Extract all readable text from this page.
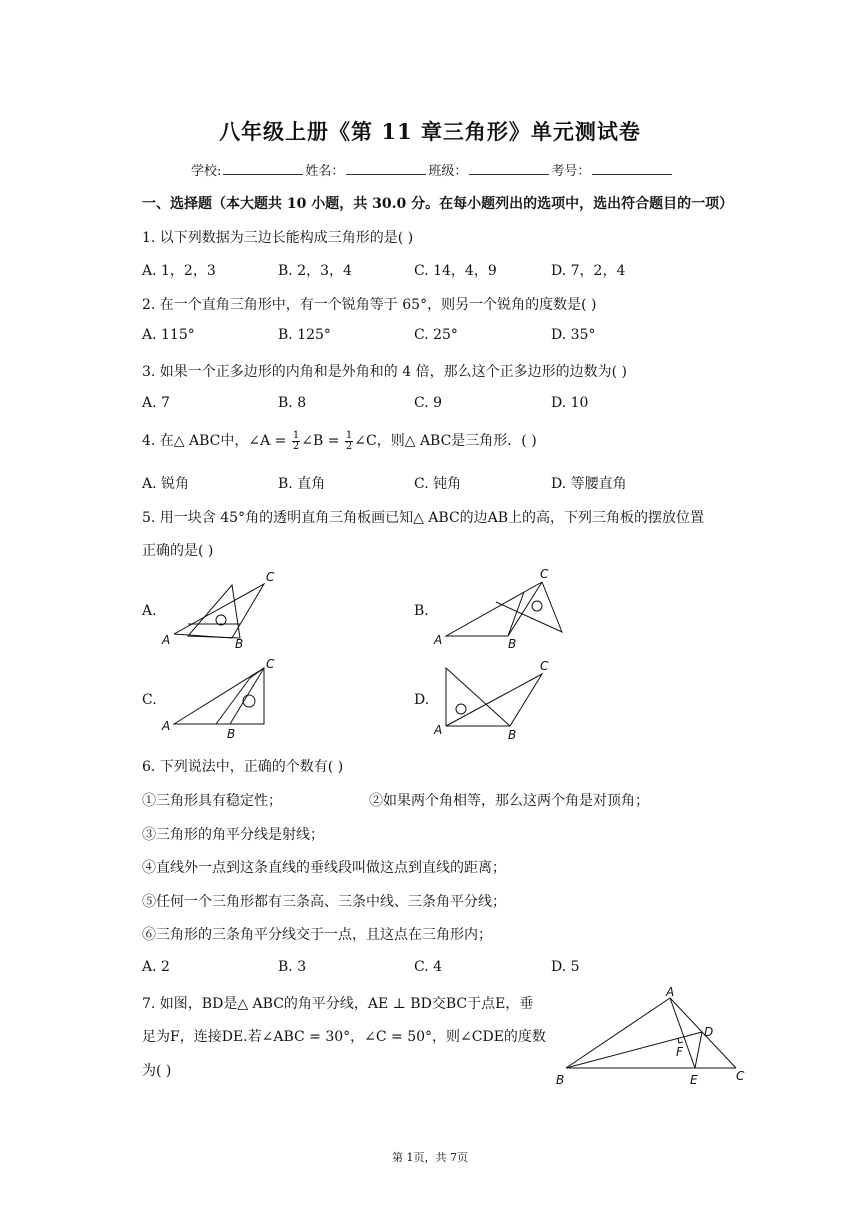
八年级上册《第 11 章三角形》单元测试卷
学校:	姓名：	班级：	考号：
一、选择题（本大题共 10 小题，共 30.0 分。在每小题列出的选项中，选出符合题目的一项）
1. 以下列数据为三边长能构成三角形的是( )
A. 1，2，3	B. 2，3，4	C. 14，4，9	D. 7，2，4
2. 在一个直角三角形中，有一个锐角等于 65°，则另一个锐角的度数是( )
A. 115°	B. 125°	C. 25°	D. 35°
3. 如果一个正多边形的内角和是外角和的 4 倍，那么这个正多边形的边数为( )
A. 7	B. 8	C. 9	D. 10
4. 在△ ABC中，∠A = $\frac{1}{2}$ ∠B = $\frac{1}{2}$ ∠C，则△ ABC是三角形．( )
A. 锐角	B. 直角	C. 钝角	D. 等腰直角
5. 用一块含 45°角的透明直角三角板画已知△ ABC的边AB上的高，下列三角板的摆放位置
正确的是( )
A.
A	B
C
B.
A	B
C
C.
A
B
C
D.
A	B
C
6. 下列说法中，正确的个数有( )
①三角形具有稳定性；	②如果两个角相等，那么这两个角是对顶角；
③三角形的角平分线是射线；
④直线外一点到这条直线的垂线段叫做这点到直线的距离；
⑤任何一个三角形都有三条高、三条中线、三条角平分线；
⑥三角形的三条角平分线交于一点，且这点在三角形内；
A. 2	B. 3	C. 4	D. 5
7. 如图，BD是△ ABC的角平分线，AE ⊥ BD交BC于点E，垂
足为F，连接DE.若∠ABC = 30°，∠C = 50°，则∠CDE的度数
为( )
A
B	C
D
E
F
第 1页，共 7页
